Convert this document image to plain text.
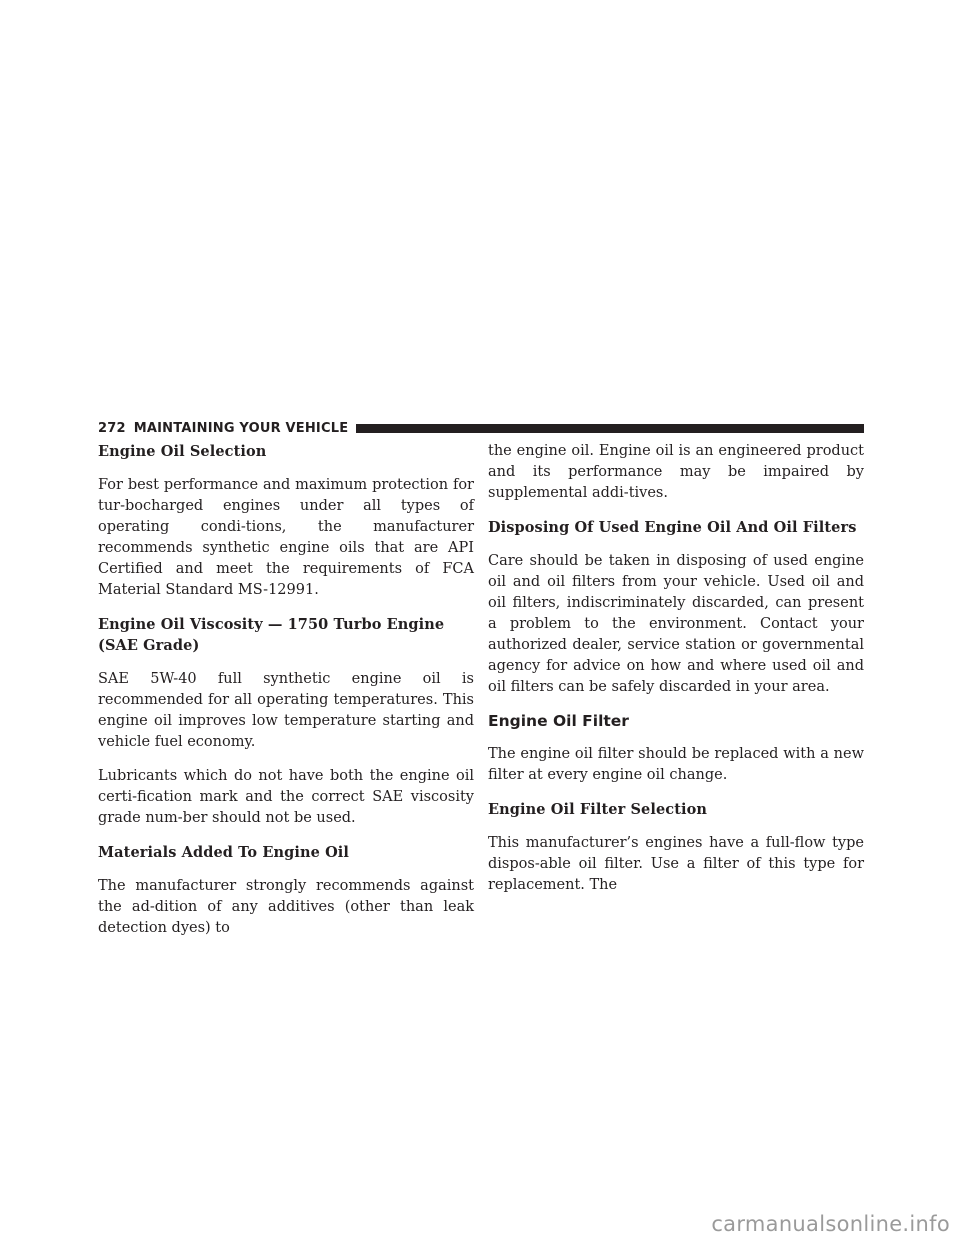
272 MAINTAINING YOUR VEHICLE
Engine Oil Selection

For best performance and maximum protection for tur-bocharged engines under all types of operating condi-tions, the manufacturer recommends synthetic engine oils that are API Certified and meet the requirements of FCA Material Standard MS-12991.

Engine Oil Viscosity — 1750 Turbo Engine (SAE Grade)

SAE 5W-40 full synthetic engine oil is recommended for all operating temperatures. This engine oil improves low temperature starting and vehicle fuel economy.

Lubricants which do not have both the engine oil certi-fication mark and the correct SAE viscosity grade num-ber should not be used.

Materials Added To Engine Oil

The manufacturer strongly recommends against the ad-dition of any additives (other than leak detection dyes) to

the engine oil. Engine oil is an engineered product and its performance may be impaired by supplemental addi-tives.

Disposing Of Used Engine Oil And Oil Filters

Care should be taken in disposing of used engine oil and oil filters from your vehicle. Used oil and oil filters, indiscriminately discarded, can present a problem to the environment. Contact your authorized dealer, service station or governmental agency for advice on how and where used oil and oil filters can be safely discarded in your area.

Engine Oil Filter

The engine oil filter should be replaced with a new filter at every engine oil change.

Engine Oil Filter Selection

This manufacturer’s engines have a full-flow type dispos-able oil filter. Use a filter of this type for replacement. The

carmanualsonline.info
